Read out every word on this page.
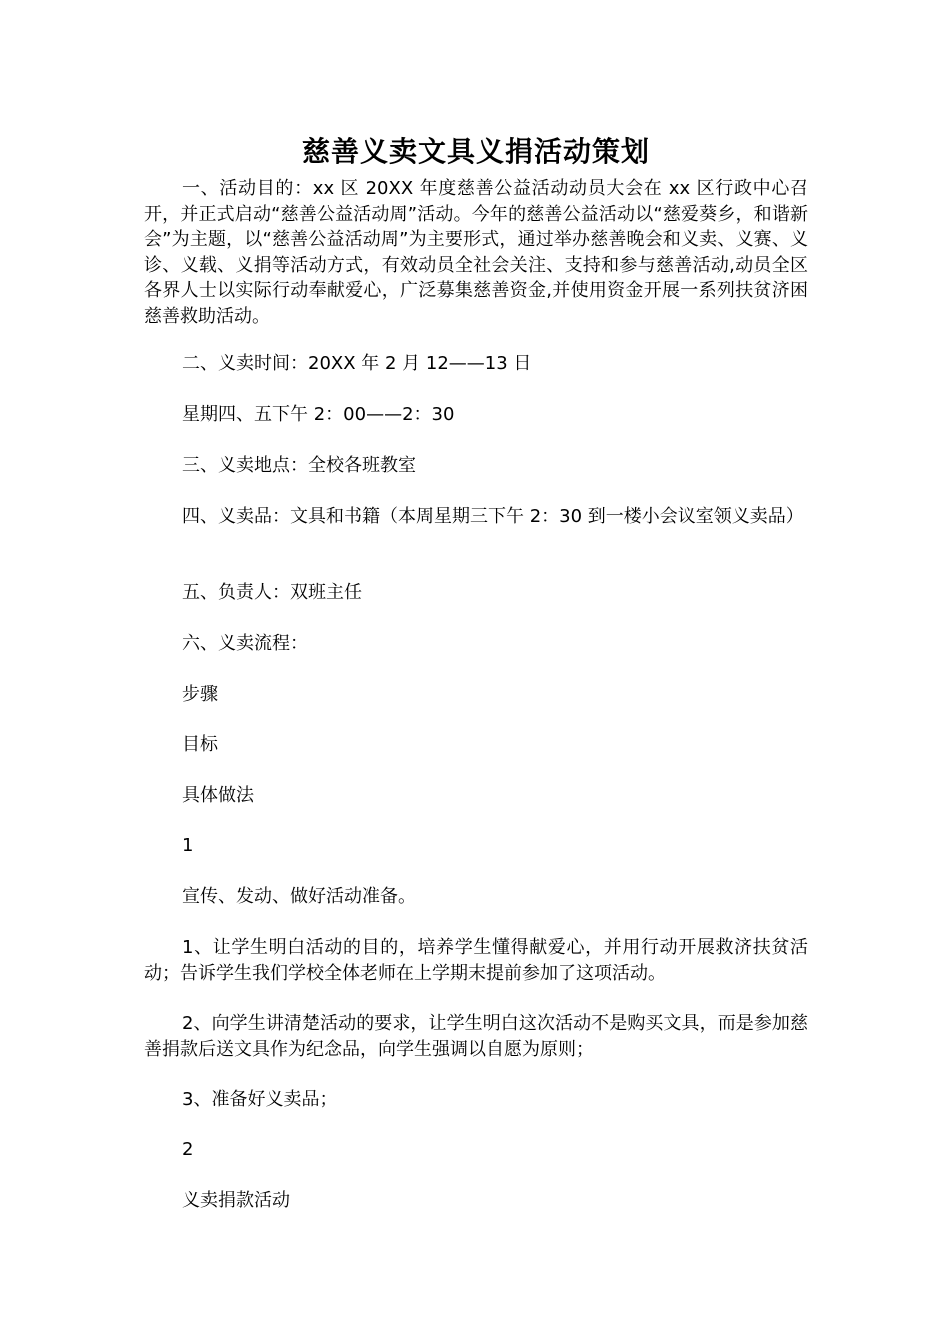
慈善义卖文具义捐活动策划

一、活动目的：xx 区 20XX 年度慈善公益活动动员大会在 xx 区行政中心召开，并正式启动“慈善公益活动周”活动。今年的慈善公益活动以“慈爱葵乡，和谐新会”为主题，以“慈善公益活动周”为主要形式，通过举办慈善晚会和义卖、义赛、义诊、义载、义捐等活动方式，有效动员全社会关注、支持和参与慈善活动,动员全区各界人士以实际行动奉献爱心，广泛募集慈善资金,并使用资金开展一系列扶贫济困慈善救助活动。

二、义卖时间：20XX 年 2 月 12——13 日

星期四、五下午 2：00——2：30

三、义卖地点：全校各班教室

四、义卖品：文具和书籍（本周星期三下午 2：30 到一楼小会议室领义卖品）

五、负责人：双班主任

六、义卖流程：

步骤

目标

具体做法

1

宣传、发动、做好活动准备。

1、让学生明白活动的目的，培养学生懂得献爱心，并用行动开展救济扶贫活动；告诉学生我们学校全体老师在上学期末提前参加了这项活动。

2、向学生讲清楚活动的要求，让学生明白这次活动不是购买文具，而是参加慈善捐款后送文具作为纪念品，向学生强调以自愿为原则；

3、准备好义卖品；

2

义卖捐款活动
